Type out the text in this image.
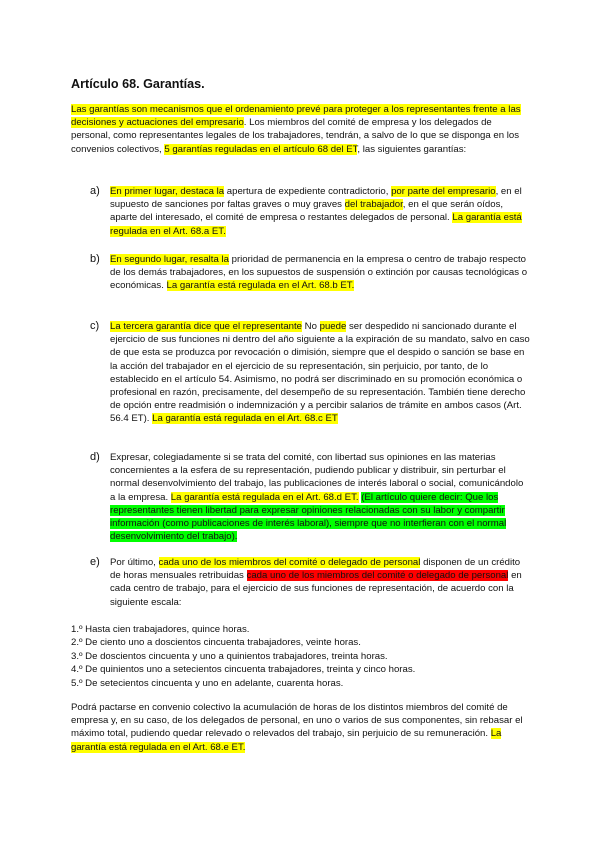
Artículo 68. Garantías.
Las garantías son mecanismos que el ordenamiento prevé para proteger a los representantes frente a las decisiones y actuaciones del empresario. Los miembros del comité de empresa y los delegados de personal, como representantes legales de los trabajadores, tendrán, a salvo de lo que se disponga en los convenios colectivos, 5 garantías reguladas en el artículo 68 del ET, las siguientes garantías:
a) En primer lugar, destaca la apertura de expediente contradictorio, por parte del empresario, en el supuesto de sanciones por faltas graves o muy graves del trabajador, en el que serán oídos, aparte del interesado, el comité de empresa o restantes delegados de personal. La garantía está regulada en el Art. 68.a ET.
b) En segundo lugar, resalta la prioridad de permanencia en la empresa o centro de trabajo respecto de los demás trabajadores, en los supuestos de suspensión o extinción por causas tecnológicas o económicas. La garantía está regulada en el Art. 68.b ET.
c) La tercera garantía dice que el representante No puede ser despedido ni sancionado durante el ejercicio de sus funciones ni dentro del año siguiente a la expiración de su mandato, salvo en caso de que esta se produzca por revocación o dimisión, siempre que el despido o sanción se base en la acción del trabajador en el ejercicio de su representación, sin perjuicio, por tanto, de lo establecido en el artículo 54. Asimismo, no podrá ser discriminado en su promoción económica o profesional en razón, precisamente, del desempeño de su representación. También tiene derecho de opción entre readmisión o indemnización y a percibir salarios de trámite en ambos casos (Art. 56.4 ET). La garantía está regulada en el Art. 68.c ET
d) Expresar, colegiadamente si se trata del comité, con libertad sus opiniones en las materias concernientes a la esfera de su representación, pudiendo publicar y distribuir, sin perturbar el normal desenvolvimiento del trabajo, las publicaciones de interés laboral o social, comunicándolo a la empresa. La garantía está regulada en el Art. 68.d ET. (El artículo quiere decir: Que los representantes tienen libertad para expresar opiniones relacionadas con su labor y compartir información (como publicaciones de interés laboral), siempre que no interfieran con el normal desenvolvimiento del trabajo).
e) Por último, cada uno de los miembros del comité o delegado de personal disponen de un crédito de horas mensuales retribuidas cada uno de los miembros del comité o delegado de personal en cada centro de trabajo, para el ejercicio de sus funciones de representación, de acuerdo con la siguiente escala:
1.º Hasta cien trabajadores, quince horas.
2.º De ciento uno a doscientos cincuenta trabajadores, veinte horas.
3.º De doscientos cincuenta y uno a quinientos trabajadores, treinta horas.
4.º De quinientos uno a setecientos cincuenta trabajadores, treinta y cinco horas.
5.º De setecientos cincuenta y uno en adelante, cuarenta horas.
Podrá pactarse en convenio colectivo la acumulación de horas de los distintos miembros del comité de empresa y, en su caso, de los delegados de personal, en uno o varios de sus componentes, sin rebasar el máximo total, pudiendo quedar relevado o relevados del trabajo, sin perjuicio de su remuneración. La garantía está regulada en el Art. 68.e ET.
